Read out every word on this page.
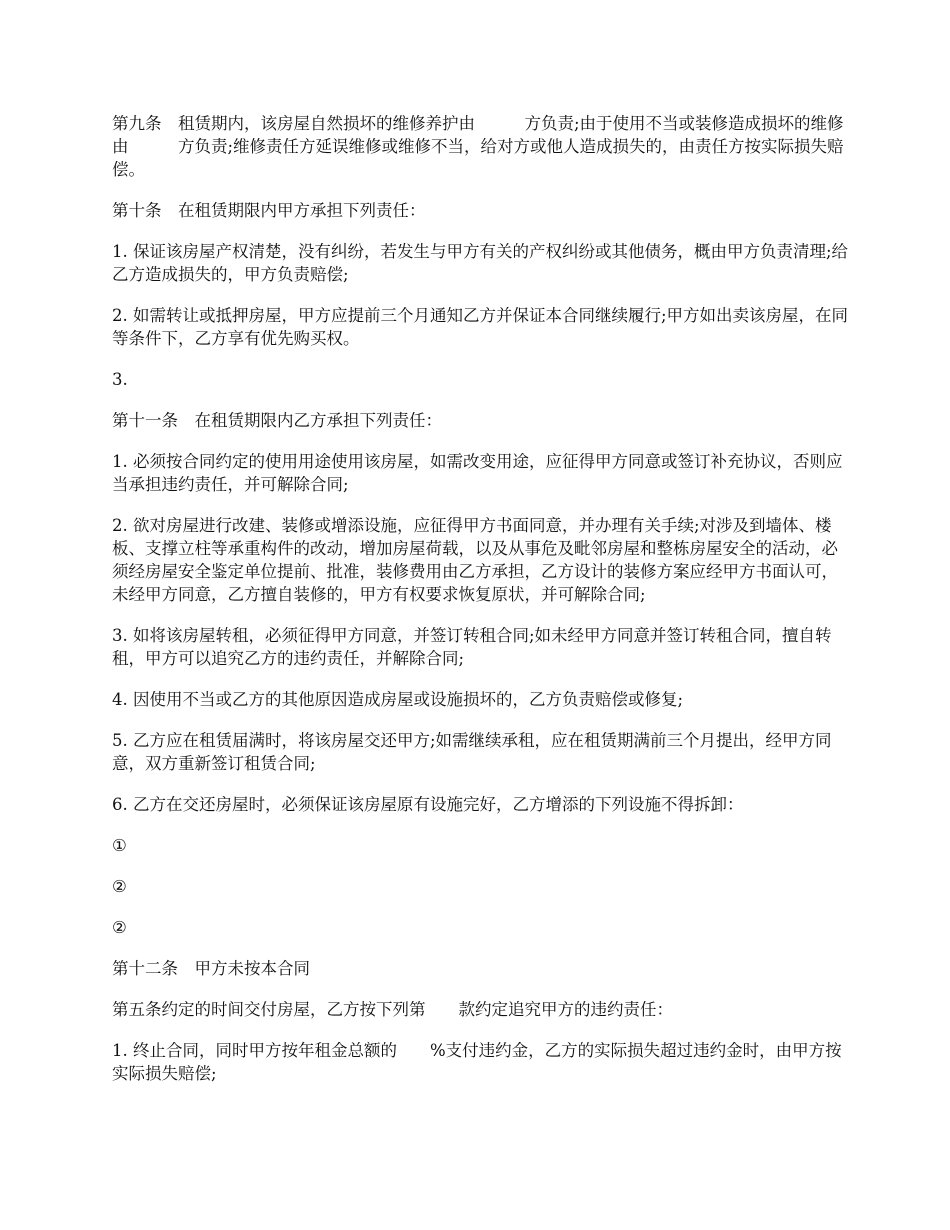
第九条　租赁期内，该房屋自然损坏的维修养护由　　　方负责;由于使用不当或装修造成损坏的维修由　　　方负责;维修责任方延误维修或维修不当，给对方或他人造成损失的，由责任方按实际损失赔偿。

第十条　在租赁期限内甲方承担下列责任：

1. 保证该房屋产权清楚，没有纠纷，若发生与甲方有关的产权纠纷或其他债务，概由甲方负责清理;给乙方造成损失的，甲方负责赔偿;

2. 如需转让或抵押房屋，甲方应提前三个月通知乙方并保证本合同继续履行;甲方如出卖该房屋，在同等条件下，乙方享有优先购买权。

3.

第十一条　在租赁期限内乙方承担下列责任：

1. 必须按合同约定的使用用途使用该房屋，如需改变用途，应征得甲方同意或签订补充协议，否则应当承担违约责任，并可解除合同;

2. 欲对房屋进行改建、装修或增添设施，应征得甲方书面同意，并办理有关手续;对涉及到墙体、楼板、支撑立柱等承重构件的改动，增加房屋荷载，以及从事危及毗邻房屋和整栋房屋安全的活动，必须经房屋安全鉴定单位提前、批准，装修费用由乙方承担，乙方设计的装修方案应经甲方书面认可，未经甲方同意，乙方擅自装修的，甲方有权要求恢复原状，并可解除合同;

3. 如将该房屋转租，必须征得甲方同意，并签订转租合同;如未经甲方同意并签订转租合同，擅自转租，甲方可以追究乙方的违约责任，并解除合同;

4. 因使用不当或乙方的其他原因造成房屋或设施损坏的，乙方负责赔偿或修复;

5. 乙方应在租赁届满时，将该房屋交还甲方;如需继续承租，应在租赁期满前三个月提出，经甲方同意，双方重新签订租赁合同;

6. 乙方在交还房屋时，必须保证该房屋原有设施完好，乙方增添的下列设施不得拆卸：

①

②

②

第十二条　甲方未按本合同

第五条约定的时间交付房屋，乙方按下列第　　款约定追究甲方的违约责任：

1. 终止合同，同时甲方按年租金总额的　　%支付违约金，乙方的实际损失超过违约金时，由甲方按实际损失赔偿;
